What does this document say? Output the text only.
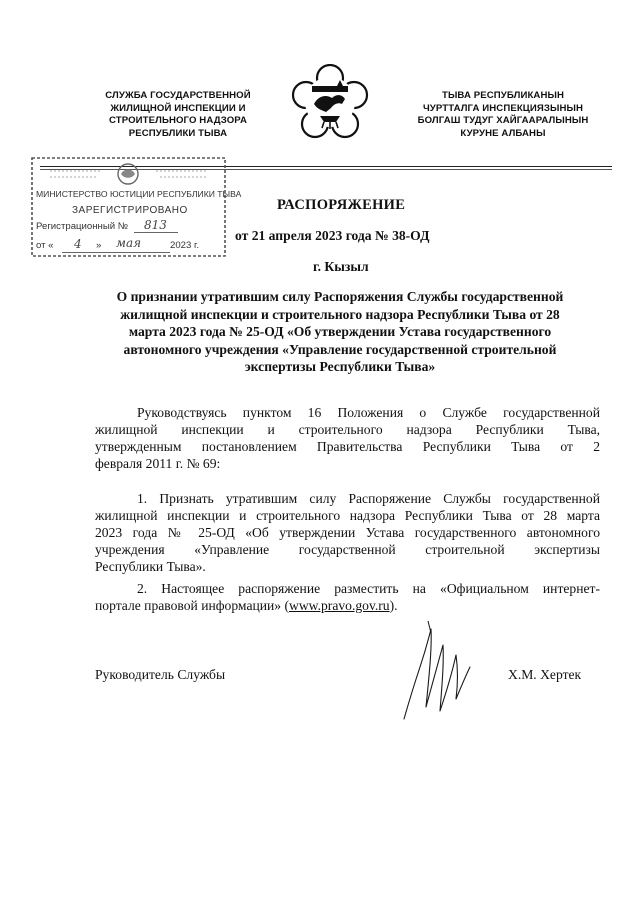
СЛУЖБА ГОСУДАРСТВЕННОЙ
ЖИЛИЩНОЙ ИНСПЕКЦИИ И
СТРОИТЕЛЬНОГО НАДЗОРА
РЕСПУБЛИКИ ТЫВА
ТЫВА РЕСПУБЛИКАНЫН
ЧУРТТАЛГА ИНСПЕКЦИЯЗЫНЫН
БОЛГАШ ТУДУГ ХАЙГААРАЛЫНЫН
КУРУНЕ АЛБАНЫ
МИНИСТЕРСТВО ЮСТИЦИИ РЕСПУБЛИКИ ТЫВА
ЗАРЕГИСТРИРОВАНО
Регистрационный № 813
от « 4 » мая	2023 г.
РАСПОРЯЖЕНИЕ
от 21 апреля 2023 года № 38-ОД
г. Кызыл
О признании утратившим силу Распоряжения Службы государственной
жилищной инспекции и строительного надзора Республики Тыва от 28
марта 2023 года № 25-ОД «Об утверждении Устава государственного
автономного учреждения «Управление государственной строительной
экспертизы Республики Тыва»
Руководствуясь пунктом 16 Положения о Службе государственной
жилищной инспекции и строительного надзора Республики Тыва,
утвержденным постановлением Правительства Республики Тыва от 2
февраля 2011 г. № 69:
1. Признать утратившим силу Распоряжение Службы государственной
жилищной инспекции и строительного надзора Республики Тыва от 28 марта
2023 года № 25-ОД «Об утверждении Устава государственного автономного
учреждения «Управление государственной строительной экспертизы
Республики Тыва».
2. Настоящее распоряжение разместить на «Официальном интернет-
портале правовой информации» (www.pravo.gov.ru).
Руководитель Службы	Х.М. Хертек
